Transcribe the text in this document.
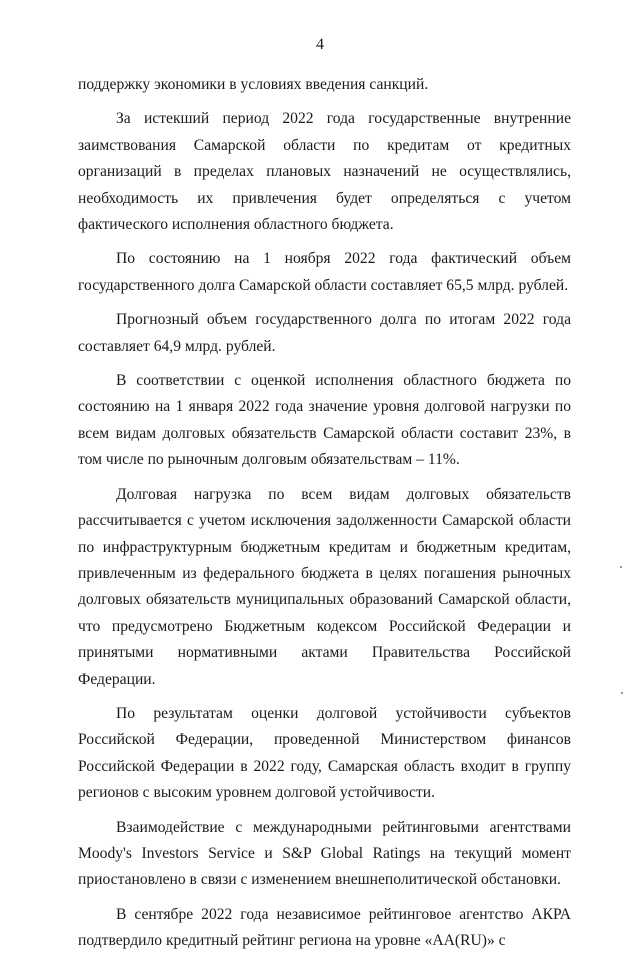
4

поддержку экономики в условиях введения санкций.

За истекший период 2022 года государственные внутренние заимствования Самарской области по кредитам от кредитных организаций в пределах плановых назначений не осуществлялись, необходимость их привлечения будет определяться с учетом фактического исполнения областного бюджета.

По состоянию на 1 ноября 2022 года фактический объем государственного долга Самарской области составляет 65,5 млрд. рублей.

Прогнозный объем государственного долга по итогам 2022 года составляет 64,9 млрд. рублей.

В соответствии с оценкой исполнения областного бюджета по состоянию на 1 января 2022 года значение уровня долговой нагрузки по всем видам долговых обязательств Самарской области составит 23%, в том числе по рыночным долговым обязательствам – 11%.

Долговая нагрузка по всем видам долговых обязательств рассчитывается с учетом исключения задолженности Самарской области по инфраструктурным бюджетным кредитам и бюджетным кредитам, привлеченным из федерального бюджета в целях погашения рыночных долговых обязательств муниципальных образований Самарской области, что предусмотрено Бюджетным кодексом Российской Федерации и принятыми нормативными актами Правительства Российской Федерации.

По результатам оценки долговой устойчивости субъектов Российской Федерации, проведенной Министерством финансов Российской Федерации в 2022 году, Самарская область входит в группу регионов с высоким уровнем долговой устойчивости.

Взаимодействие с международными рейтинговыми агентствами Moody's Investors Service и S&P Global Ratings на текущий момент приостановлено в связи с изменением внешнеполитической обстановки.

В сентябре 2022 года независимое рейтинговое агентство АКРА подтвердило кредитный рейтинг региона на уровне «AA(RU)» с
